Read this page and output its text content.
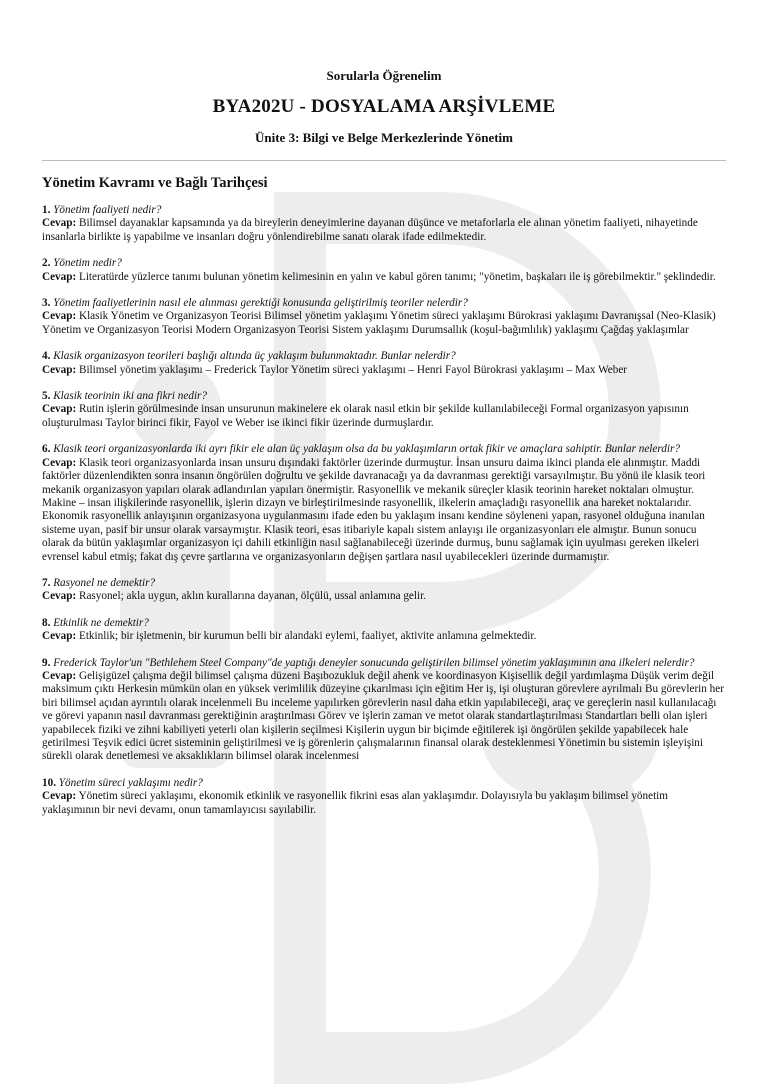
Sorularla Öğrenelim
BYA202U - DOSYALAMA ARŞİVLEME
Ünite 3: Bilgi ve Belge Merkezlerinde Yönetim
Yönetim Kavramı ve Bağlı Tarihçesi
1. Yönetim faaliyeti nedir?
Cevap: Bilimsel dayanaklar kapsamında ya da bireylerin deneyimlerine dayanan düşünce ve metaforlarla ele alınan yönetim faaliyeti, nihayetinde insanlarla birlikte iş yapabilme ve insanları doğru yönlendirebilme sanatı olarak ifade edilmektedir.
2. Yönetim nedir?
Cevap: Literatürde yüzlerce tanımı bulunan yönetim kelimesinin en yalın ve kabul gören tanımı; "yönetim, başkaları ile iş görebilmektir." şeklindedir.
3. Yönetim faaliyetlerinin nasıl ele alınması gerektiği konusunda geliştirilmiş teoriler nelerdir?
Cevap: Klasik Yönetim ve Organizasyon Teorisi Bilimsel yönetim yaklaşımı Yönetim süreci yaklaşımı Bürokrasi yaklaşımı Davranışsal (Neo-Klasik) Yönetim ve Organizasyon Teorisi Modern Organizasyon Teorisi Sistem yaklaşımı Durumsallık (koşul-bağımlılık) yaklaşımı Çağdaş yaklaşımlar
4. Klasik organizasyon teorileri başlığı altında üç yaklaşım bulunmaktadır. Bunlar nelerdir?
Cevap: Bilimsel yönetim yaklaşımı – Frederick Taylor Yönetim süreci yaklaşımı – Henri Fayol Bürokrasi yaklaşımı – Max Weber
5. Klasik teorinin iki ana fikri nedir?
Cevap: Rutin işlerin görülmesinde insan unsurunun makinelere ek olarak nasıl etkin bir şekilde kullanılabileceği Formal organizasyon yapısının oluşturulması Taylor birinci fikir, Fayol ve Weber ise ikinci fikir üzerinde durmuşlardır.
6. Klasik teori organizasyonlarda iki ayrı fikir ele alan üç yaklaşım olsa da bu yaklaşımların ortak fikir ve amaçlara sahiptir. Bunlar nelerdir?
Cevap: Klasik teori organizasyonlarda insan unsuru dışındaki faktörler üzerinde durmuştur. İnsan unsuru daima ikinci planda ele alınmıştır. Maddi faktörler düzenlendikten sonra insanın öngörülen doğrultu ve şekilde davranacağı ya da davranması gerektiği varsayılmıştır. Bu yönü ile klasik teori mekanik organizasyon yapıları olarak adlandırılan yapıları önermiştir. Rasyonellik ve mekanik süreçler klasik teorinin hareket noktaları olmuştur. Makine – insan ilişkilerinde rasyonellik, işlerin dizayn ve birleştirilmesinde rasyonellik, ilkelerin amaçladığı rasyonellik ana hareket noktalarıdır. Ekonomik rasyonellik anlayışının organizasyona uygulanmasını ifade eden bu yaklaşım insanı kendine söyleneni yapan, rasyonel olduğuna inanılan sisteme uyan, pasif bir unsur olarak varsaymıştır. Klasik teori, esas itibariyle kapalı sistem anlayışı ile organizasyonları ele almıştır. Bunun sonucu olarak da bütün yaklaşımlar organizasyon içi dahili etkinliğin nasıl sağlanabileceği üzerinde durmuş, bunu sağlamak için uyulması gereken ilkeleri evrensel kabul etmiş; fakat dış çevre şartlarına ve organizasyonların değişen şartlara nasıl uyabilecekleri üzerinde durmamıştır.
7. Rasyonel ne demektir?
Cevap: Rasyonel; akla uygun, aklın kurallarına dayanan, ölçülü, ussal anlamına gelir.
8. Etkinlik ne demektir?
Cevap: Etkinlik; bir işletmenin, bir kurumun belli bir alandaki eylemi, faaliyet, aktivite anlamına gelmektedir.
9. Frederick Taylor'un "Bethlehem Steel Company"de yaptığı deneyler sonucunda geliştirilen bilimsel yönetim yaklaşımının ana ilkeleri nelerdir?
Cevap: Gelişigüzel çalışma değil bilimsel çalışma düzeni Başıbozukluk değil ahenk ve koordinasyon Kişisellik değil yardımlaşma Düşük verim değil maksimum çıktı Herkesin mümkün olan en yüksek verimlilik düzeyine çıkarılması için eğitim Her iş, işi oluşturan görevlere ayrılmalı Bu görevlerin her biri bilimsel açıdan ayrıntılı olarak incelenmeli Bu inceleme yapılırken görevlerin nasıl daha etkin yapılabileceği, araç ve gereçlerin nasıl kullanılacağı ve görevi yapanın nasıl davranması gerektiğinin araştırılması Görev ve işlerin zaman ve metot olarak standartlaştırılması Standartları belli olan işleri yapabilecek fiziki ve zihni kabiliyeti yeterli olan kişilerin seçilmesi Kişilerin uygun bir biçimde eğitilerek işi öngörülen şekilde yapabilecek hale getirilmesi Teşvik edici ücret sisteminin geliştirilmesi ve iş görenlerin çalışmalarının finansal olarak desteklenmesi Yönetimin bu sistemin işleyişini sürekli olarak denetlemesi ve aksaklıkların bilimsel olarak incelenmesi
10. Yönetim süreci yaklaşımı nedir?
Cevap: Yönetim süreci yaklaşımı, ekonomik etkinlik ve rasyonellik fikrini esas alan yaklaşımdır. Dolayısıyla bu yaklaşım bilimsel yönetim yaklaşımının bir nevi devamı, onun tamamlayıcısı sayılabilir.
